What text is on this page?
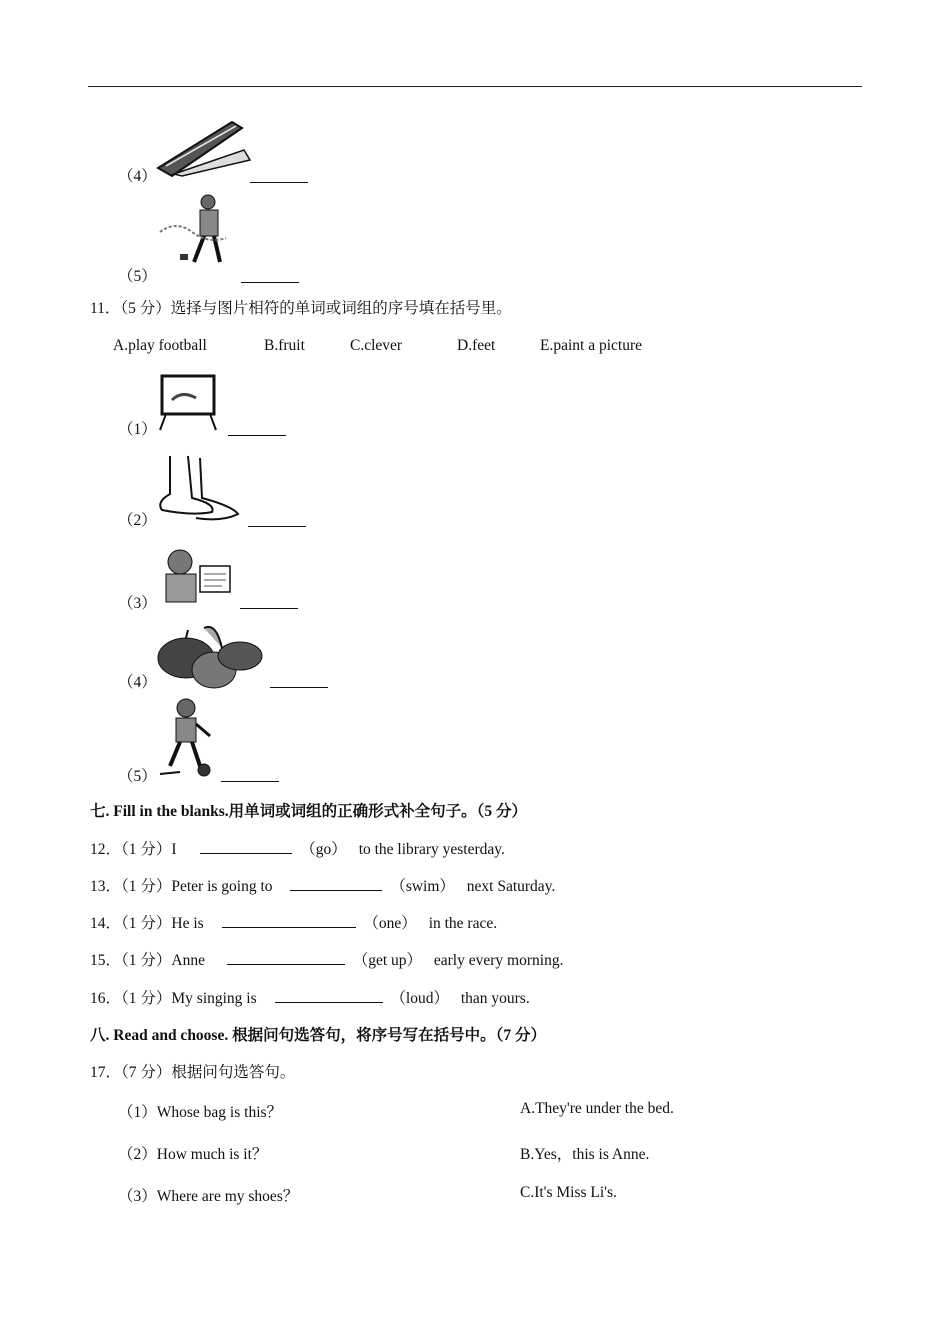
（4）
（5）
11．（5 分）选择与图片相符的单词或词组的序号填在括号里。
A.play football	B.fruit	C.clever	D.feet	E.paint a picture
（1）
（2）
（3）
（4）
（5）
七. Fill in the blanks.用单词或词组的正确形式补全句子。（5 分）
12．（1 分）I	（go） to the library yesterday.
13．（1 分）Peter is going to	（swim） next Saturday.
14．（1 分）He is	（one） in the race.
15．（1 分）Anne	（get up） early every morning.
16．（1 分）My singing is	（loud） than yours.
八. Read and choose. 根据问句选答句，将序号写在括号中。（7 分）
17．（7 分）根据问句选答句。
（1）Whose bag is this？	A.They're under the bed.
（2）How much is it？	B.Yes，this is Anne.
（3）Where are my shoes？	C.It's Miss Li's.
